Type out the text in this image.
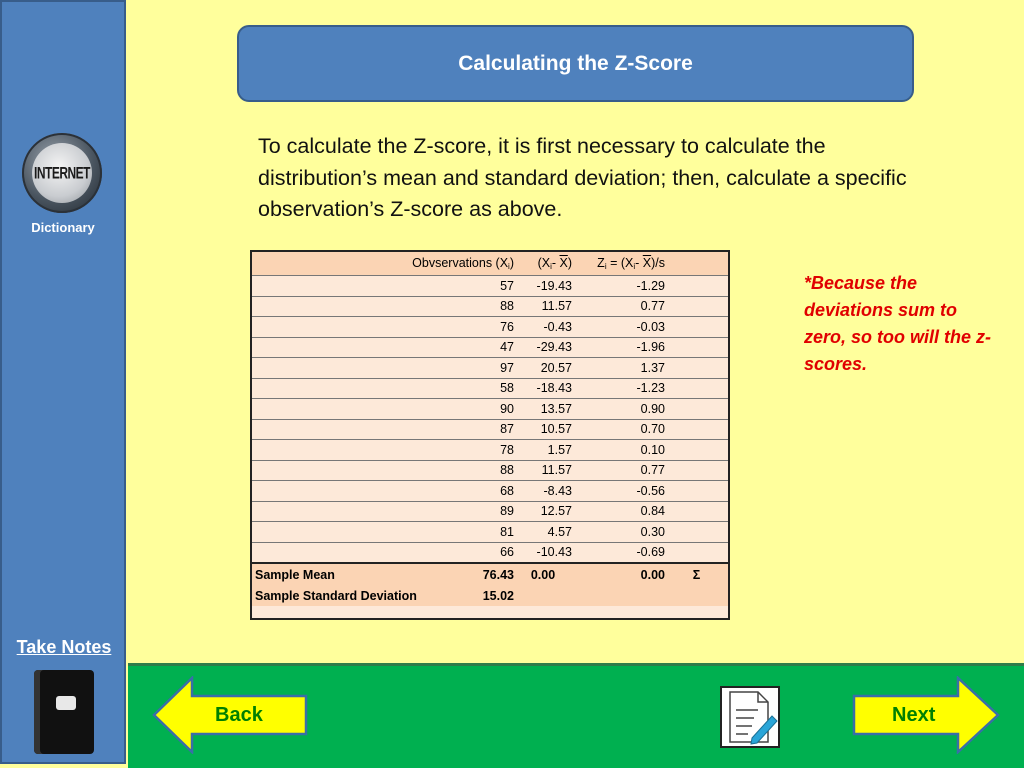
INTERNET
Dictionary
Take Notes
Calculating the Z-Score
To calculate the Z-score, it is first necessary to calculate the distribution’s mean and standard deviation; then, calculate a specific observation’s Z-score as above.
*Because the deviations sum to zero, so too will the z-scores.
Obvservations $(X_i)$	($X_i-$ $\overline{X}$)	$Z_i = (X_i-$ $\overline{X})/s$	
57	-19.43	-1.29	
88	11.57	0.77	
76	-0.43	-0.03	
47	-29.43	-1.96	
97	20.57	1.37	
58	-18.43	-1.23	
90	13.57	0.90	
87	10.57	0.70	
78	1.57	0.10	
88	11.57	0.77	
68	-8.43	-0.56	
89	12.57	0.84	
81	4.57	0.30	
66	-10.43	-0.69	
Sample Mean 76.43	0.00	0.00	Σ
Sample Standard Deviation 15.02			

Back	Next
